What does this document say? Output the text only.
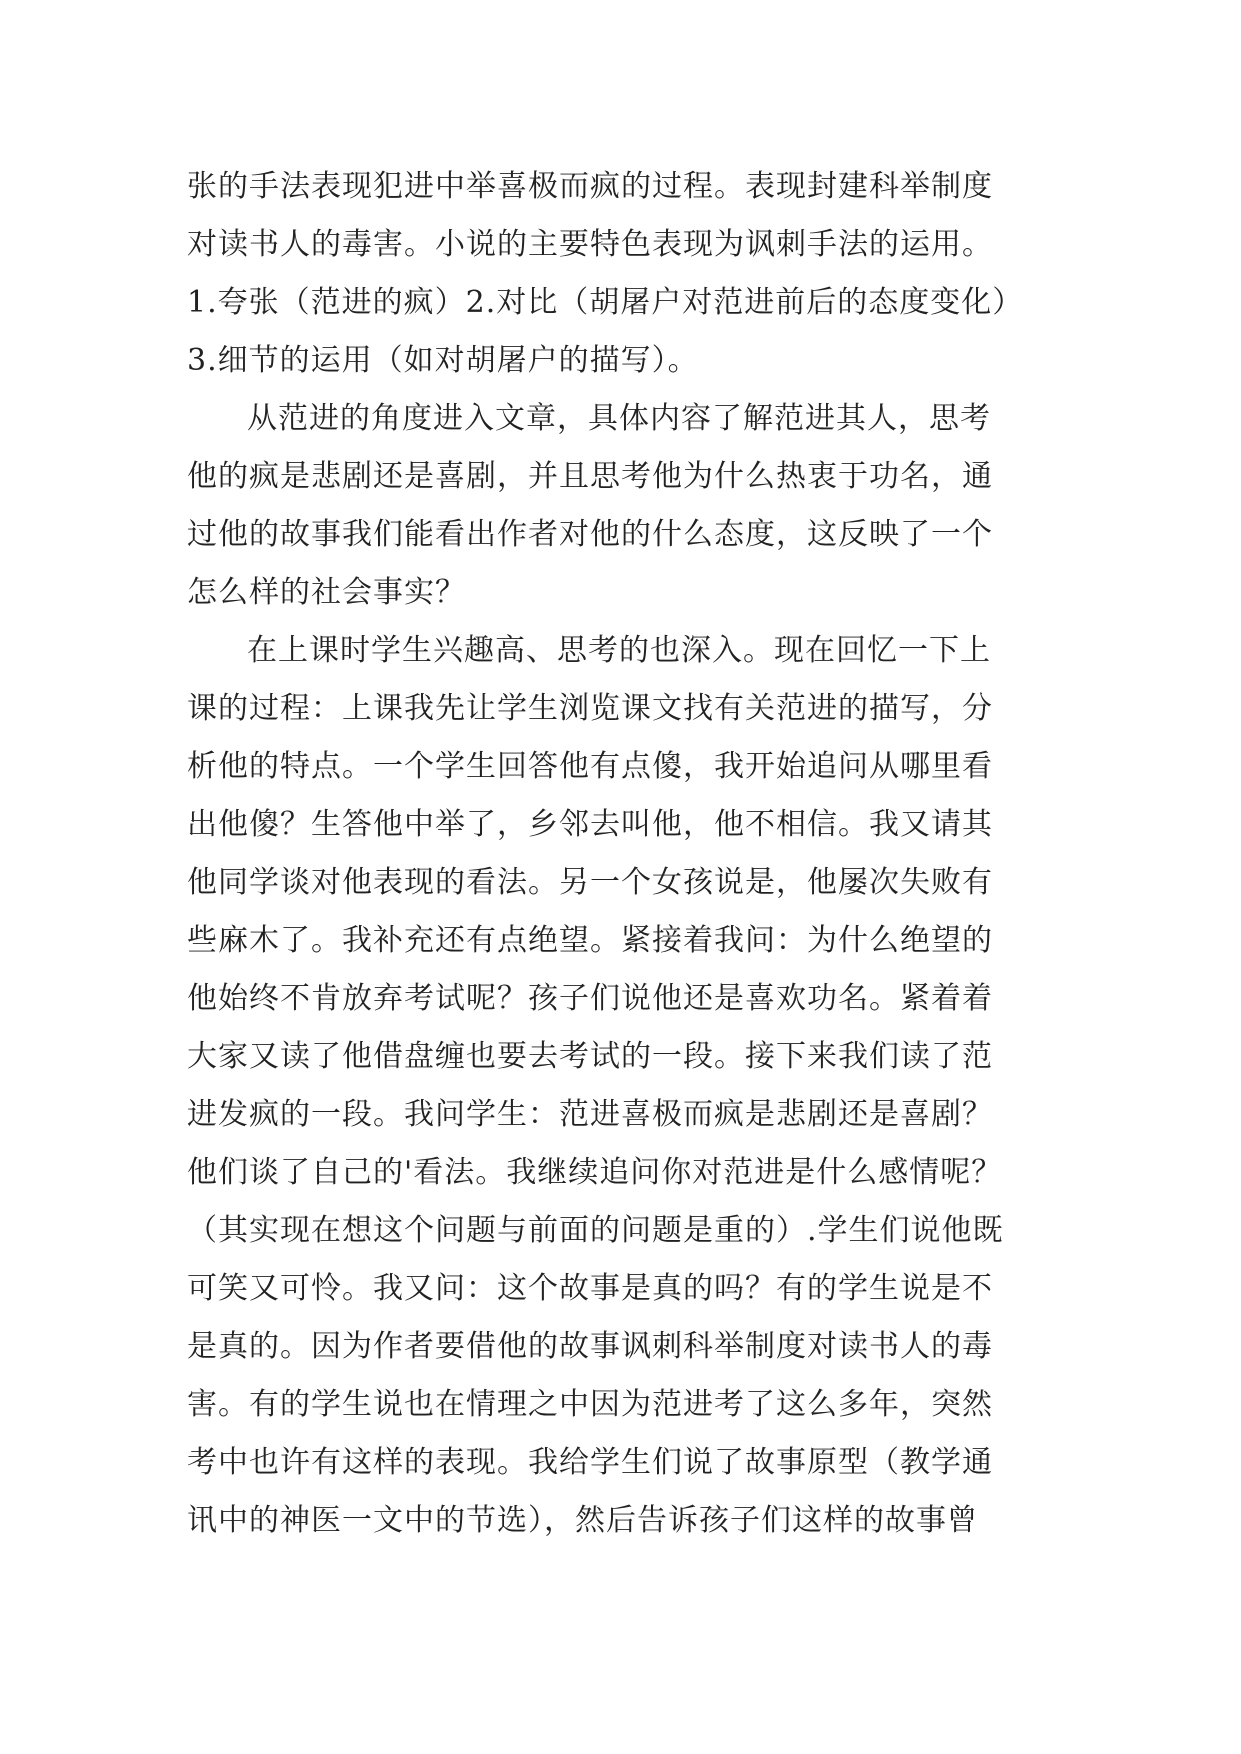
张的手法表现犯进中举喜极而疯的过程。表现封建科举制度
对读书人的毒害。小说的主要特色表现为讽刺手法的运用。
1.夸张（范进的疯）2.对比（胡屠户对范进前后的态度变化）
3.细节的运用（如对胡屠户的描写）。
从范进的角度进入文章，具体内容了解范进其人，思考
他的疯是悲剧还是喜剧，并且思考他为什么热衷于功名，通
过他的故事我们能看出作者对他的什么态度，这反映了一个
怎么样的社会事实？
在上课时学生兴趣高、思考的也深入。现在回忆一下上
课的过程：上课我先让学生浏览课文找有关范进的描写，分
析他的特点。一个学生回答他有点傻，我开始追问从哪里看
出他傻？生答他中举了，乡邻去叫他，他不相信。我又请其
他同学谈对他表现的看法。另一个女孩说是，他屡次失败有
些麻木了。我补充还有点绝望。紧接着我问：为什么绝望的
他始终不肯放弃考试呢？孩子们说他还是喜欢功名。紧着着
大家又读了他借盘缠也要去考试的一段。接下来我们读了范
进发疯的一段。我问学生：范进喜极而疯是悲剧还是喜剧？
他们谈了自己的'看法。我继续追问你对范进是什么感情呢？
（其实现在想这个问题与前面的问题是重的）.学生们说他既
可笑又可怜。我又问：这个故事是真的吗？有的学生说是不
是真的。因为作者要借他的故事讽刺科举制度对读书人的毒
害。有的学生说也在情理之中因为范进考了这么多年，突然
考中也许有这样的表现。我给学生们说了故事原型（教学通
讯中的神医一文中的节选），然后告诉孩子们这样的故事曾
